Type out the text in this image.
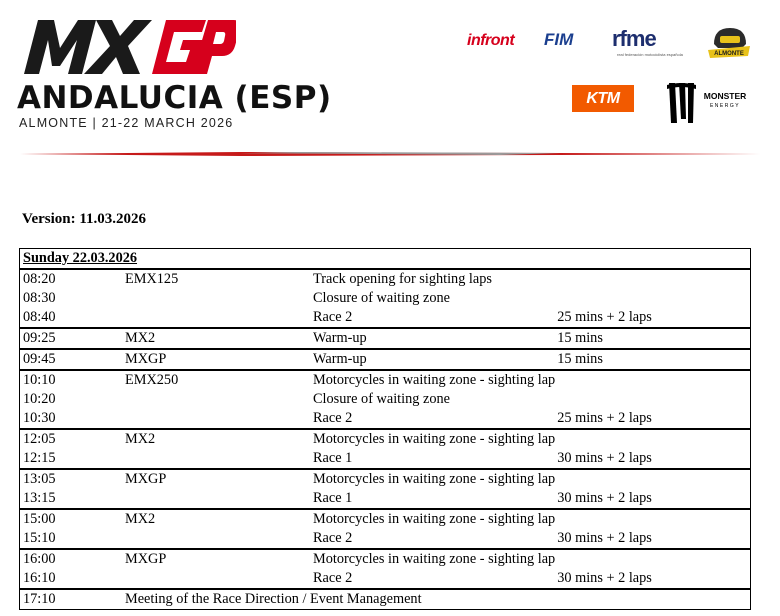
ANDALUCIA (ESP)
ALMONTE | 21-22 MARCH 2026
infront FIM rfme
real federación motociclista española	ALMONTE
KTM	MONSTER
ENERGY
Version: 11.03.2026
Sunday 22.03.2026			
08:20	EMX125	Track opening for sighting laps	
08:30		Closure of waiting zone	
08:40		Race 2	25 mins + 2 laps
09:25	MX2	Warm-up	15 mins
09:45	MXGP	Warm-up	15 mins
10:10	EMX250	Motorcycles in waiting zone - sighting lap	
10:20		Closure of waiting zone	
10:30		Race 2	25 mins + 2 laps
12:05	MX2	Motorcycles in waiting zone - sighting lap	
12:15		Race 1	30 mins + 2 laps
13:05	MXGP	Motorcycles in waiting zone - sighting lap	
13:15		Race 1	30 mins + 2 laps
15:00	MX2	Motorcycles in waiting zone - sighting lap	
15:10		Race 2	30 mins + 2 laps
16:00	MXGP	Motorcycles in waiting zone - sighting lap	
16:10		Race 2	30 mins + 2 laps
17:10	Meeting of the Race Direction / Event Management		
